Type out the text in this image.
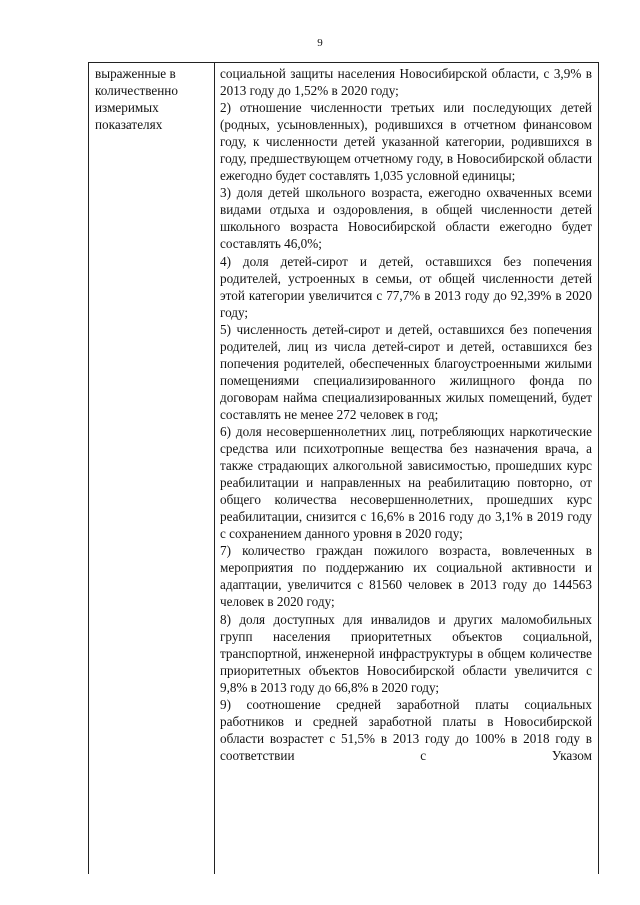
9
выраженные в количественно измеримых показателях

социальной защиты населения Новосибирской области, с 3,9% в 2013 году до 1,52% в 2020 году;

2) отношение численности третьих или последующих детей (родных, усыновленных), родившихся в отчетном финансовом году, к численности детей указанной категории, родившихся в году, предшествующем отчетному году, в Новосибирской области ежегодно будет составлять 1,035 условной единицы;

3) доля детей школьного возраста, ежегодно охваченных всеми видами отдыха и оздоровления, в общей численности детей школьного возраста Новосибирской области ежегодно будет составлять 46,0%;

4) доля детей-сирот и детей, оставшихся без попечения родителей, устроенных в семьи, от общей численности детей этой категории увеличится с 77,7% в 2013 году до 92,39% в 2020 году;

5) численность детей-сирот и детей, оставшихся без попечения родителей, лиц из числа детей-сирот и детей, оставшихся без попечения родителей, обеспеченных благоустроенными жилыми помещениями специализированного жилищного фонда по договорам найма специализированных жилых помещений, будет составлять не менее 272 человек в год;

6) доля несовершеннолетних лиц, потребляющих наркотические средства или психотропные вещества без назначения врача, а также страдающих алкогольной зависимостью, прошедших курс реабилитации и направленных на реабилитацию повторно, от общего количества несовершеннолетних, прошедших курс реабилитации, снизится с 16,6% в 2016 году до 3,1% в 2019 году с сохранением данного уровня в 2020 году;

7) количество граждан пожилого возраста, вовлеченных в мероприятия по поддержанию их социальной активности и адаптации, увеличится с 81560 человек в 2013 году до 144563 человек в 2020 году;

8) доля доступных для инвалидов и других маломобильных групп населения приоритетных объектов социальной, транспортной, инженерной инфраструктуры в общем количестве приоритетных объектов Новосибирской области увеличится с 9,8% в 2013 году до 66,8% в 2020 году;

9) соотношение средней заработной платы социальных работников и средней заработной платы в Новосибирской области возрастет с 51,5% в 2013 году до 100% в 2018 году в соответствии с Указом
